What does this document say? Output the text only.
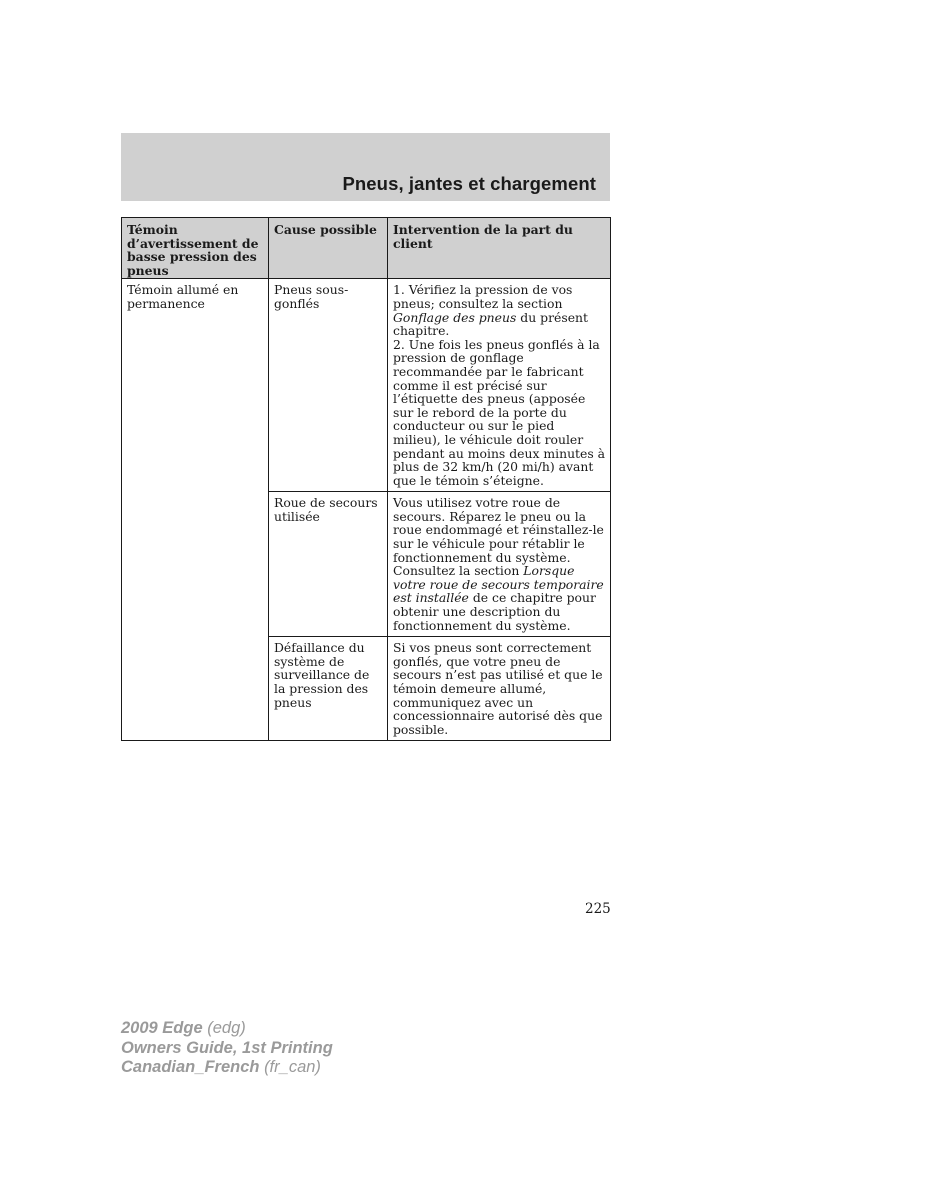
Pneus, jantes et chargement
Témoin d’avertissement de basse pression des pneus	Cause possible	Intervention de la part du client
Témoin allumé en permanence	Pneus sous-gonflés	1. Vérifiez la pression de vos pneus; consultez la section Gonflage des pneus du présent chapitre.
2. Une fois les pneus gonflés à la pression de gonflage recommandée par le fabricant comme il est précisé sur l’étiquette des pneus (apposée sur le rebord de la porte du conducteur ou sur le pied milieu), le véhicule doit rouler pendant au moins deux minutes à plus de 32 km/h (20 mi/h) avant que le témoin s’éteigne.
	Roue de secours utilisée	Vous utilisez votre roue de secours. Réparez le pneu ou la roue endommagé et réinstallez-le sur le véhicule pour rétablir le fonctionnement du système. Consultez la section Lorsque votre roue de secours temporaire est installée de ce chapitre pour obtenir une description du fonctionnement du système.
	Défaillance du système de surveillance de la pression des pneus	Si vos pneus sont correctement gonflés, que votre pneu de secours n’est pas utilisé et que le témoin demeure allumé, communiquez avec un concessionnaire autorisé dès que possible.
225
2009 Edge (edg)
Owners Guide, 1st Printing
Canadian_French (fr_can)
